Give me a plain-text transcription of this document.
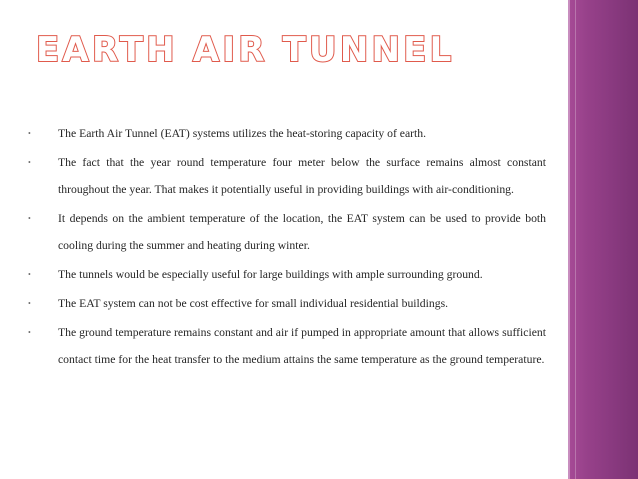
EARTH AIR TUNNEL
• The Earth Air Tunnel (EAT) systems utilizes the heat-storing capacity of earth.
• The fact that the year round temperature four meter below the surface remains almost constant throughout the year. That makes it potentially useful in providing buildings with air-conditioning.
• It depends on the ambient temperature of the location, the EAT system can be used to provide both cooling during the summer and heating during winter.
• The tunnels would be especially useful for large buildings with ample surrounding ground.
• The EAT system can not be cost effective for small individual residential buildings.
• The ground temperature remains constant and air if pumped in appropriate amount that allows sufficient contact time for the heat transfer to the medium attains the same temperature as the ground temperature.
